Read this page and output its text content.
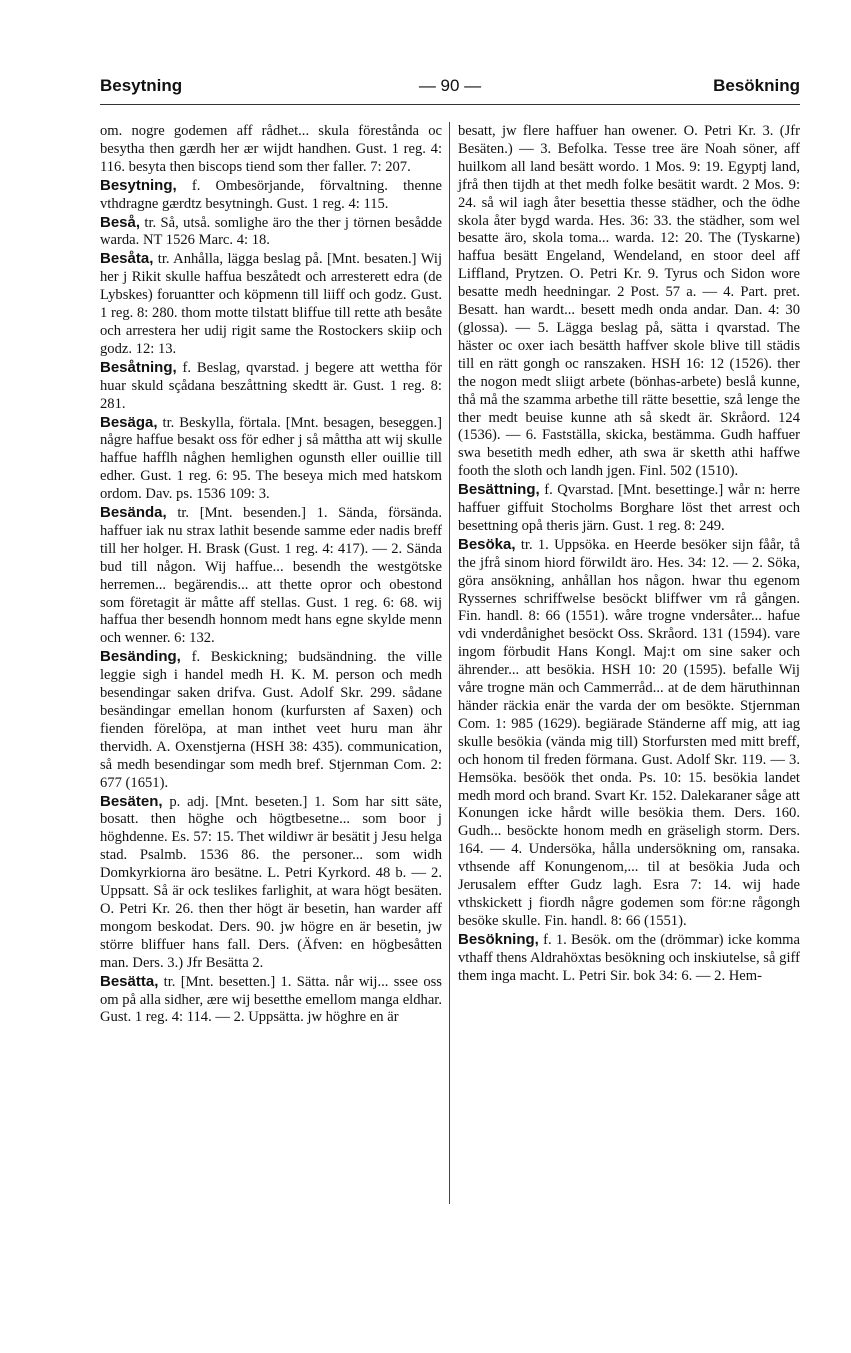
Besytning	— 90 —	Besökning

om. nogre godemen aff rådhet... skula förestånda oc besytha then gærdh her ær wijdt handhen. Gust. 1 reg. 4: 116. besyta then biscops tiend som ther faller. 7: 207.

Besytning, f. Ombesörjande, förvaltning. thenne vthdragne gærdtz besytningh. Gust. 1 reg. 4: 115.

Beså, tr. Så, utså. somlighe äro the ther j törnen besådde warda. NT 1526 Marc. 4: 18.

Besåta, tr. Anhålla, lägga beslag på. [Mnt. besaten.] Wij her j Rikit skulle haffua beszåtedt och arresterett edra (de Lybskes) foruantter och köpmenn till liiff och godz. Gust. 1 reg. 8: 280. thom motte tilstatt bliffue till rette ath besåte och arrestera her udij rigit same the Rostockers skiip och godz. 12: 13.

Besåtning, f. Beslag, qvarstad. j begere att wettha för huar skuld sçådana beszåttning skedtt är. Gust. 1 reg. 8: 281.

Besäga, tr. Beskylla, förtala. [Mnt. besagen, beseggen.] någre haffue besakt oss för edher j så måttha att wij skulle haffue hafflh någhen hemlighen ogunsth eller ouillie till edher. Gust. 1 reg. 6: 95. The beseya mich med hatskom ordom. Dav. ps. 1536 109: 3.

Besända, tr. [Mnt. besenden.] 1. Sända, försända. haffuer iak nu strax lathit besende samme eder nadis breff till her holger. H. Brask (Gust. 1 reg. 4: 417). — 2. Sända bud till någon. Wij haffue... besendh the westgötske herremen... begärendis... att thette opror och obestond som företagit är måtte aff stellas. Gust. 1 reg. 6: 68. wij haffua ther besendh honnom medt hans egne skylde menn och wenner. 6: 132.

Besänding, f. Beskickning; budsändning. the ville leggie sigh i handel medh H. K. M. person och medh besendingar saken drifva. Gust. Adolf Skr. 299. sådane besändingar emellan honom (kurfursten af Saxen) och fienden förelöpa, at man inthet veet huru man ähr thervidh. A. Oxenstjerna (HSH 38: 435). communication, så medh besendingar som medh bref. Stjernman Com. 2: 677 (1651).

Besäten, p. adj. [Mnt. beseten.] 1. Som har sitt säte, bosatt. then höghe och högtbesetne... som boor j höghdenne. Es. 57: 15. Thet wildiwr är besätit j Jesu helga stad. Psalmb. 1536 86. the personer... som widh Domkyrkiorna äro besätne. L. Petri Kyrkord. 48 b. — 2. Uppsatt. Så är ock teslikes farlighit, at wara högt besäten. O. Petri Kr. 26. then ther högt är besetin, han warder aff mongom beskodat. Ders. 90. jw högre en är besetin, jw större bliffuer hans fall. Ders. (Äfven: en högbesåtten man. Ders. 3.) Jfr Besätta 2.

Besätta, tr. [Mnt. besetten.] 1. Sätta. når wij... ssee oss om på alla sidher, ære wij besetthe emellom manga eldhar. Gust. 1 reg. 4: 114. — 2. Uppsätta. jw höghre en är

besatt, jw flere haffuer han owener. O. Petri Kr. 3. (Jfr Besäten.) — 3. Befolka. Tesse tree äre Noah söner, aff huilkom all land besätt wordo. 1 Mos. 9: 19. Egyptj land, jfrå then tijdh at thet medh folke besätit wardt. 2 Mos. 9: 24. så wil iagh åter besettia thesse städher, och the ödhe skola åter bygd warda. Hes. 36: 33. the städher, som wel besatte äro, skola toma... warda. 12: 20. The (Tyskarne) haffua besätt Engeland, Wendeland, en stoor deel aff Liffland, Prytzen. O. Petri Kr. 9. Tyrus och Sidon wore besatte medh heedningar. 2 Post. 57 a. — 4. Part. pret. Besatt. han wardt... besett medh onda andar. Dan. 4: 30 (glossa). — 5. Lägga beslag på, sätta i qvarstad. The häster oc oxer iach besätth haffver skole blive till städis till en rätt gongh oc ranszaken. HSH 16: 12 (1526). ther the nogon medt sliigt arbete (bönhas-arbete) beslå kunne, thå må the szamma arbethe till rätte besettie, szå lenge the ther medt beuise kunne ath så skedt är. Skråord. 124 (1536). — 6. Fastställa, skicka, bestämma. Gudh haffuer swa besetith medh edher, ath swa är sketth athi haffwe footh the sloth och landh jgen. Finl. 502 (1510).

Besättning, f. Qvarstad. [Mnt. besettinge.] wår n: herre haffuer giffuit Stocholms Borghare löst thet arrest och besettning opå theris järn. Gust. 1 reg. 8: 249.

Besöka, tr. 1. Uppsöka. en Heerde besöker sijn fåår, tå the jfrå sinom hiord förwildt äro. Hes. 34: 12. — 2. Söka, göra ansökning, anhållan hos någon. hwar thu egenom Ryssernes schriffwelse besöckt bliffwer vm rå gången. Fin. handl. 8: 66 (1551). wåre trogne vndersåter... hafue vdi vnderdånighet besöckt Oss. Skråord. 131 (1594). vare ingom förbudit Hans Kongl. Maj:t om sine saker och ährender... att besökia. HSH 10: 20 (1595). befalle Wij våre trogne män och Cammerråd... at de dem häruthinnan händer räckia enär the varda der om besökte. Stjernman Com. 1: 985 (1629). begiärade Ständerne aff mig, att iag skulle besökia (vända mig till) Storfursten med mitt breff, och honom til freden förmana. Gust. Adolf Skr. 119. — 3. Hemsöka. besöök thet onda. Ps. 10: 15. besökia landet medh mord och brand. Svart Kr. 152. Dalekaraner såge att Konungen icke hårdt wille besökia them. Ders. 160. Gudh... besöckte honom medh en gräseligh storm. Ders. 164. — 4. Undersöka, hålla undersökning om, ransaka. vthsende aff Konungenom,... til at besökia Juda och Jerusalem effter Gudz lagh. Esra 7: 14. wij hade vthskickett j fiordh någre godemen som för:ne rågongh besöke skulle. Fin. handl. 8: 66 (1551).

Besökning, f. 1. Besök. om the (drömmar) icke komma vthaff thens Aldrahöxtas besökning och inskiutelse, så giff them inga macht. L. Petri Sir. bok 34: 6. — 2. Hem-
